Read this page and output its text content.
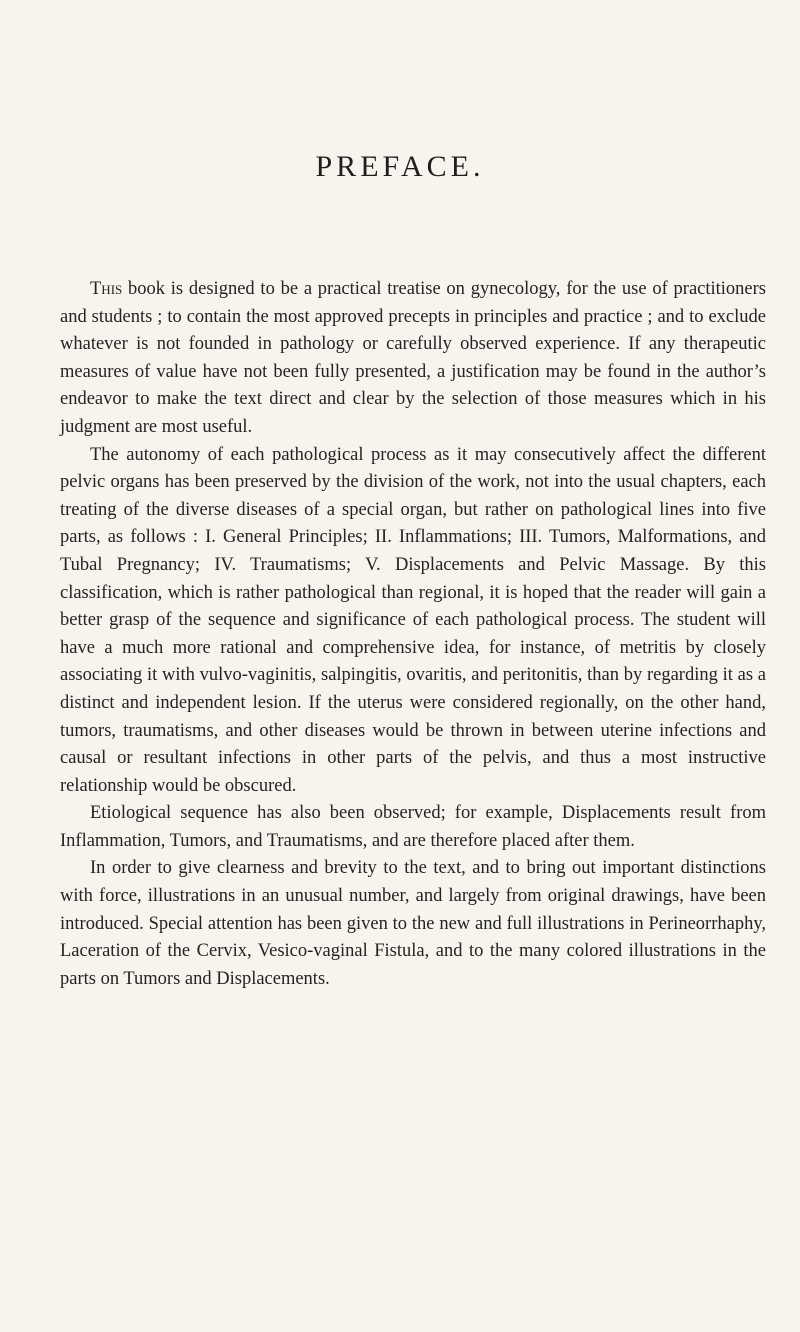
PREFACE.

This book is designed to be a practical treatise on gynecology, for the use of practitioners and students ; to contain the most approved precepts in principles and practice ; and to exclude whatever is not founded in pathology or carefully observed experience. If any therapeutic measures of value have not been fully presented, a justification may be found in the author’s endeavor to make the text direct and clear by the selection of those measures which in his judgment are most useful.

The autonomy of each pathological process as it may consecutively affect the different pelvic organs has been preserved by the division of the work, not into the usual chapters, each treating of the diverse diseases of a special organ, but rather on pathological lines into five parts, as follows : I. General Principles; II. Inflammations; III. Tumors, Malformations, and Tubal Pregnancy; IV. Traumatisms; V. Displacements and Pelvic Massage. By this classification, which is rather pathological than regional, it is hoped that the reader will gain a better grasp of the sequence and significance of each pathological process. The student will have a much more rational and comprehensive idea, for instance, of metritis by closely associating it with vulvo-vaginitis, salpingitis, ovaritis, and peritonitis, than by regarding it as a distinct and independent lesion. If the uterus were considered regionally, on the other hand, tumors, traumatisms, and other diseases would be thrown in between uterine infections and causal or resultant infections in other parts of the pelvis, and thus a most instructive relationship would be obscured.

Etiological sequence has also been observed; for example, Displacements result from Inflammation, Tumors, and Traumatisms, and are therefore placed after them.

In order to give clearness and brevity to the text, and to bring out important distinctions with force, illustrations in an unusual number, and largely from original drawings, have been introduced. Special attention has been given to the new and full illustrations in Perineorrhaphy, Laceration of the Cervix, Vesico-vaginal Fistula, and to the many colored illustrations in the parts on Tumors and Displacements.
